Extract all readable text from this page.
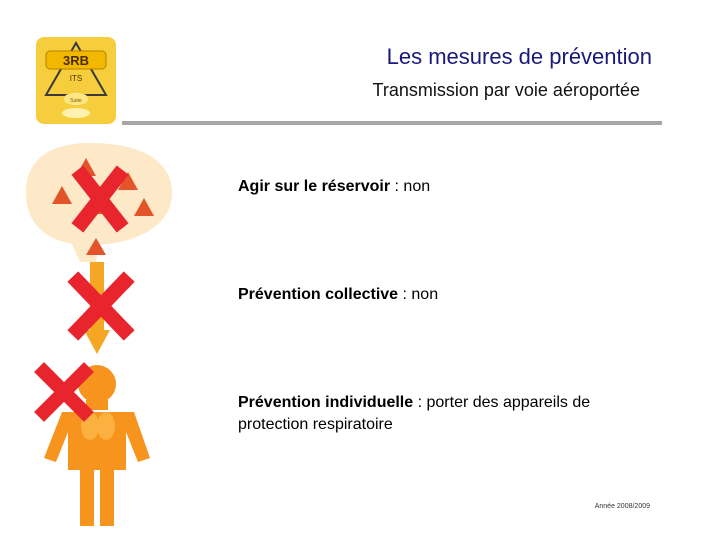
3RB
ITS
Suite
Les mesures de prévention
Transmission par voie aéroportée
Agir sur le réservoir : non
Prévention collective : non
Prévention individuelle : porter des appareils de protection respiratoire
Année 2008/2009
